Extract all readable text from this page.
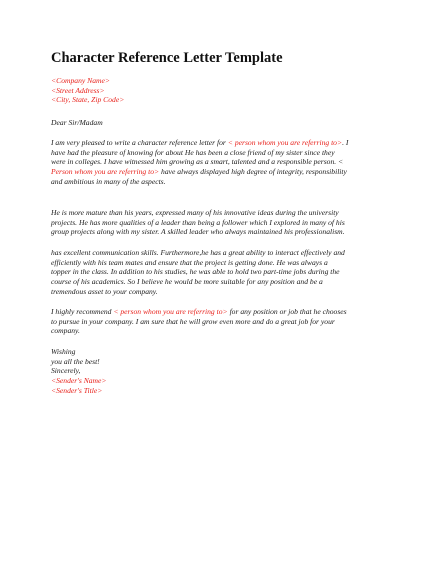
Character Reference Letter Template
<Company Name>
<Street Address>
<City, State, Zip Code>
Dear Sir/Madam
I am very pleased to write a character reference letter for < person whom you are referring to>. I
have had the pleasure of knowing for about He has been a close friend of my sister since they
were in colleges. I have witnessed him growing as a smart, talented and a responsible person. <
Person whom you are referring to> have always displayed high degree of integrity, responsibility
and ambitious in many of the aspects.
He is more mature than his years, expressed many of his innovative ideas during the university
projects. He has more qualities of a leader than being a follower which I explored in many of his
group projects along with my sister. A skilled leader who always maintained his professionalism.
has excellent communication skills. Furthermore,he has a great ability to interact effectively and
efficiently with his team mates and ensure that the project is getting done. He was always a
topper in the class. In addition to his studies, he was able to hold two part-time jobs during the
course of his academics. So I believe he would be more suitable for any position and be a
tremendous asset to your company.
I highly recommend < person whom you are referring to> for any position or job that he chooses
to pursue in your company. I am sure that he will grow even more and do a great job for your
company.
Wishing
you all the best!
Sincerely,
<Sender's Name>
<Sender's Title>
